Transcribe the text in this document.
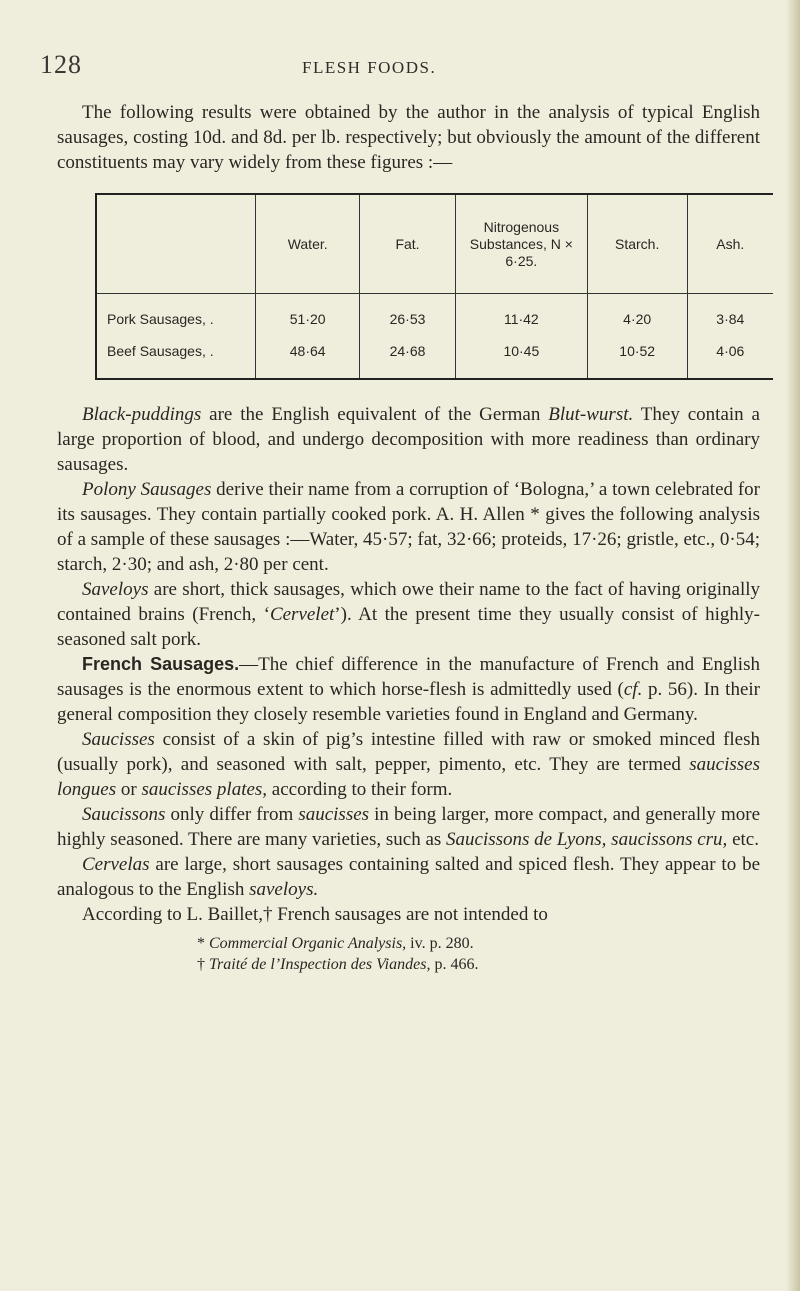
128	FLESH FOODS.

The following results were obtained by the author in the analysis of typical English sausages, costing 10d. and 8d. per lb. respectively; but obviously the amount of the different constituents may vary widely from these figures :—

	Water.	Fat.	Nitrogenous Substances, N × 6·25.	Starch.	Ash.
Pork Sausages, .	51·20	26·53	11·42	4·20	3·84
Beef Sausages, .	48·64	24·68	10·45	10·52	4·06

Black-puddings are the English equivalent of the German Blut-wurst. They contain a large proportion of blood, and undergo decomposition with more readiness than ordinary sausages.

Polony Sausages derive their name from a corruption of ‘Bologna,’ a town celebrated for its sausages. They contain partially cooked pork. A. H. Allen * gives the following analysis of a sample of these sausages :—Water, 45·57; fat, 32·66; proteids, 17·26; gristle, etc., 0·54; starch, 2·30; and ash, 2·80 per cent.

Saveloys are short, thick sausages, which owe their name to the fact of having originally contained brains (French, ‘Cervelet’). At the present time they usually consist of highly-seasoned salt pork.

French Sausages.—The chief difference in the manufacture of French and English sausages is the enormous extent to which horse-flesh is admittedly used (cf. p. 56). In their general composition they closely resemble varieties found in England and Germany.

Saucisses consist of a skin of pig’s intestine filled with raw or smoked minced flesh (usually pork), and seasoned with salt, pepper, pimento, etc. They are termed saucisses longues or saucisses plates, according to their form.

Saucissons only differ from saucisses in being larger, more compact, and generally more highly seasoned. There are many varieties, such as Saucissons de Lyons, saucissons cru, etc.

Cervelas are large, short sausages containing salted and spiced flesh. They appear to be analogous to the English saveloys.

According to L. Baillet,† French sausages are not intended to

* Commercial Organic Analysis, iv. p. 280.
† Traité de l’Inspection des Viandes, p. 466.
